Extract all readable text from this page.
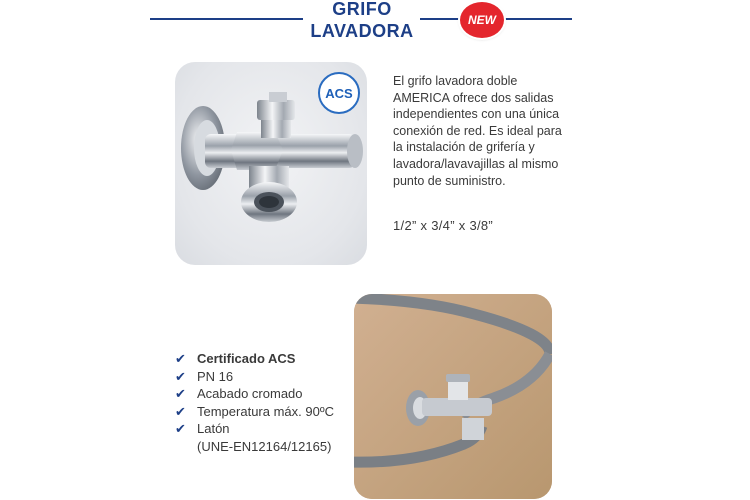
GRIFO
LAVADORA
NEW
ACS

El grifo lavadora doble AMERICA ofrece dos salidas independientes con una única conexión de red. Es ideal para la instalación de grifería y lavadora/lavavajillas al mismo punto de suministro.

1/2” x 3/4” x 3/8”

✔ Certificado ACS
✔ PN 16
✔ Acabado cromado
✔ Temperatura máx. 90ºC
✔ Latón
(UNE-EN12164/12165)
